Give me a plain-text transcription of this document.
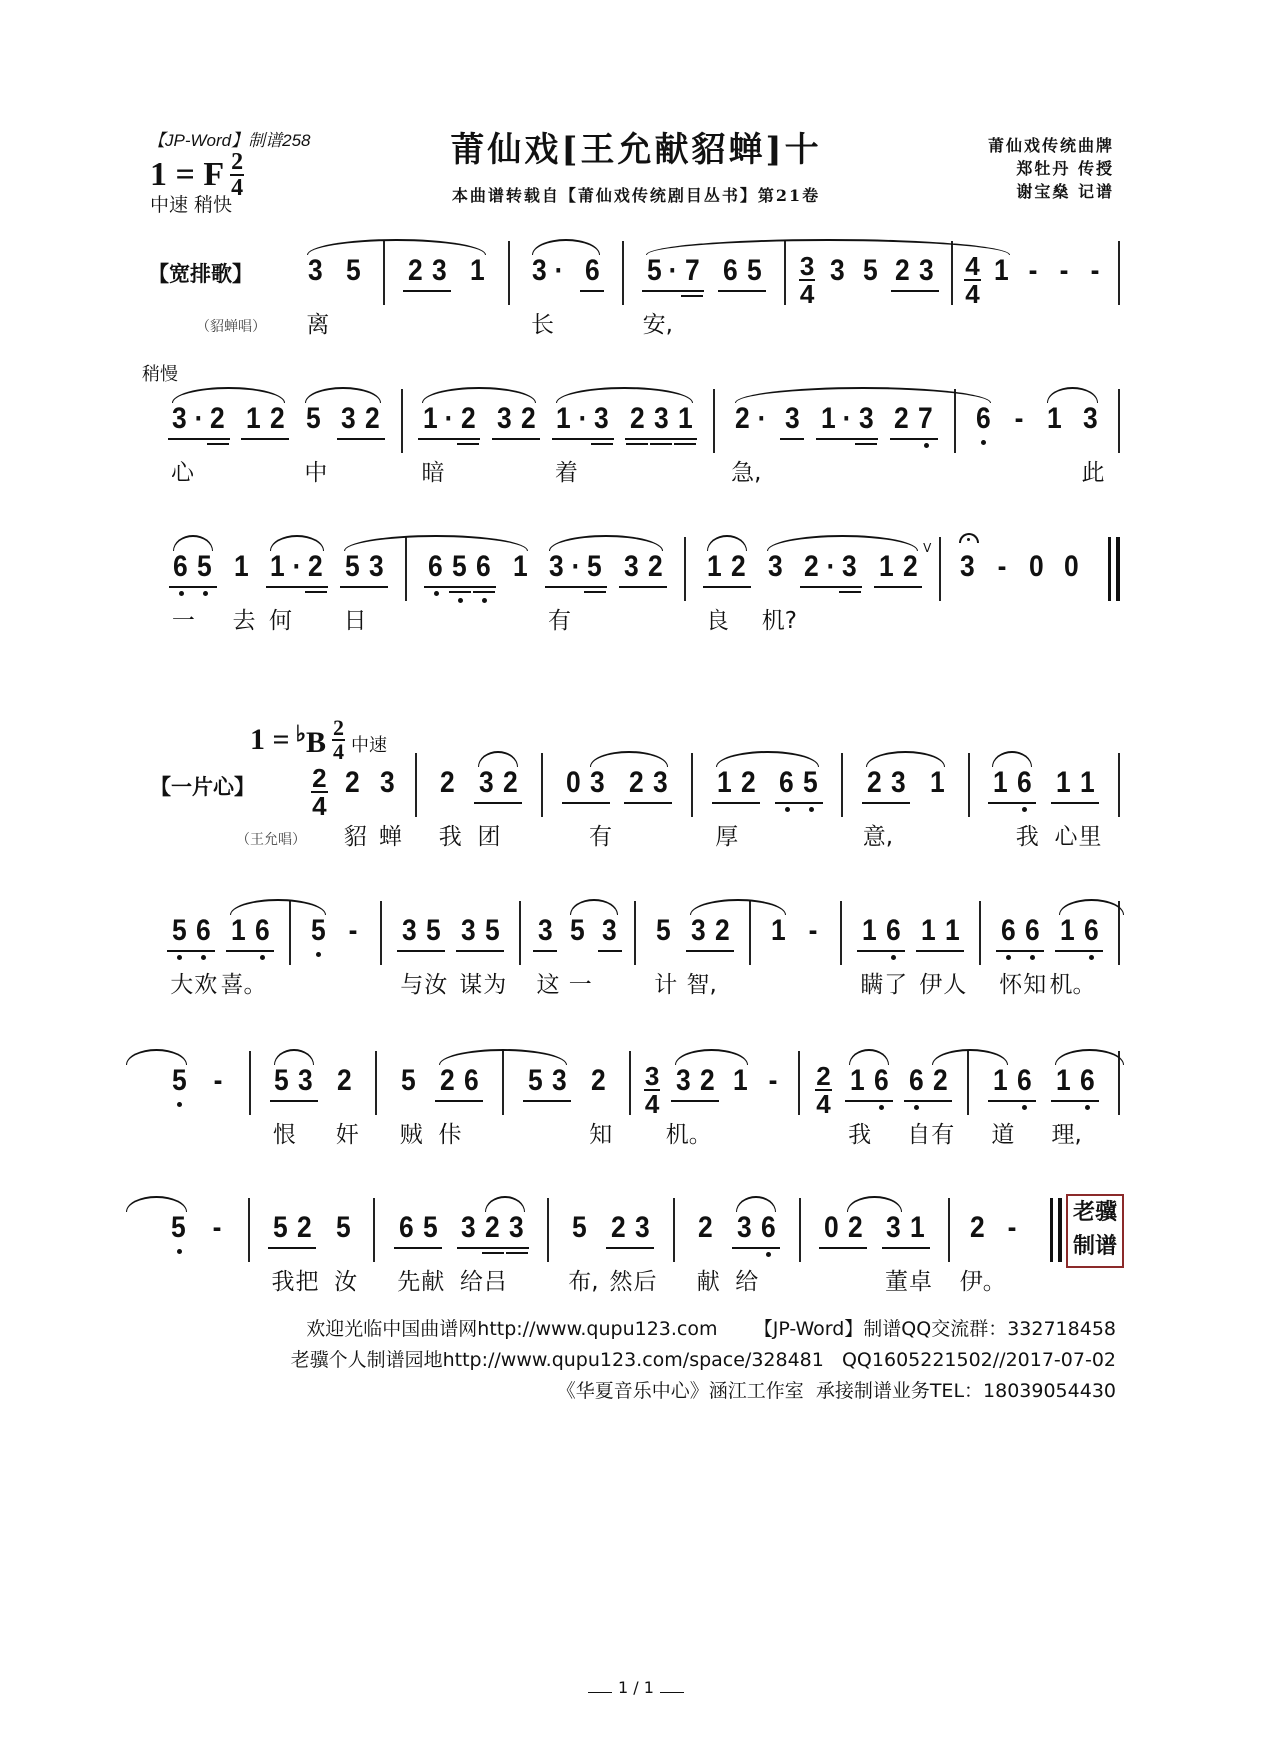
【JP-Word】制谱258
1 = F $\frac{2}{4}$
中速 稍快
莆仙戏[王允献貂蝉]十
本曲谱转载自【莆仙戏传统剧目丛书】第21卷
莆仙戏传统曲牌
郑牡丹 传授
谢宝燊 记谱
【宽排歌】
（貂蝉唱）
稍慢
$1 = ^♭B \frac{2}{4}$ 中速
【一片心】
（王允唱）
3
离
5 2 3 1 3
长
· 6 5
安,
· 7 6 $5 \frac{3}{4} 3$ 5 2 $3 \frac{4}{4} 1$ - - -
3
心
· 2 1 2 5
中
3 2 1
暗
· 2 3 2 1
着
· 3 2 3 1 2
急,
· 3 1 · 3 2 7 6 - 1 3
此
6
一
5 1
去
1
何
· 2 5
日
3 6 5 6 1 3
有
· 5 3 2 1
良
2 3
机?
2 · 3 1 2
V
3 - 0 0
$\frac{2}{4} 2$
貂
3
蝉
2
我
3
团
2 0 3
有
2 3 1
厚
2 6 5 2
意,
3 1 1 6
我
1
心
1
里
5
大
6
欢
1
喜。
6 5 - 3
与
5
汝
3
谋
5
为
3
这
5
一
3 5
计
3
智,
2 1 - 1
瞒
6
了
1
伊
1
人
6
怀
6
知
1
机。
6
5 - 5
恨
3 2
奸
5
贼
2
佧
6 5 3 2
知
$\frac{3}{4} 3$
机。
2 $1 - \frac{2}{4} 1$
我
6 6
自
2
有
1
道
6 1
理,
6
5 - 5
我
2
把
5
汝
6
先
5
献
3
给
2
吕
3 5
布,
2
然
3
后
2
献
3
给
6 0 2 3
董
1
卓
2
伊。
-	老骥
制谱
欢迎光临中国曲谱网http://www.qupu123.com      【JP-Word】制谱QQ交流群：332718458
老骥个人制谱园地http://www.qupu123.com/space/328481   QQ1605221502//2017-07-02
《华夏音乐中心》涵江工作室  承接制谱业务TEL：18039054430
1 / 1
